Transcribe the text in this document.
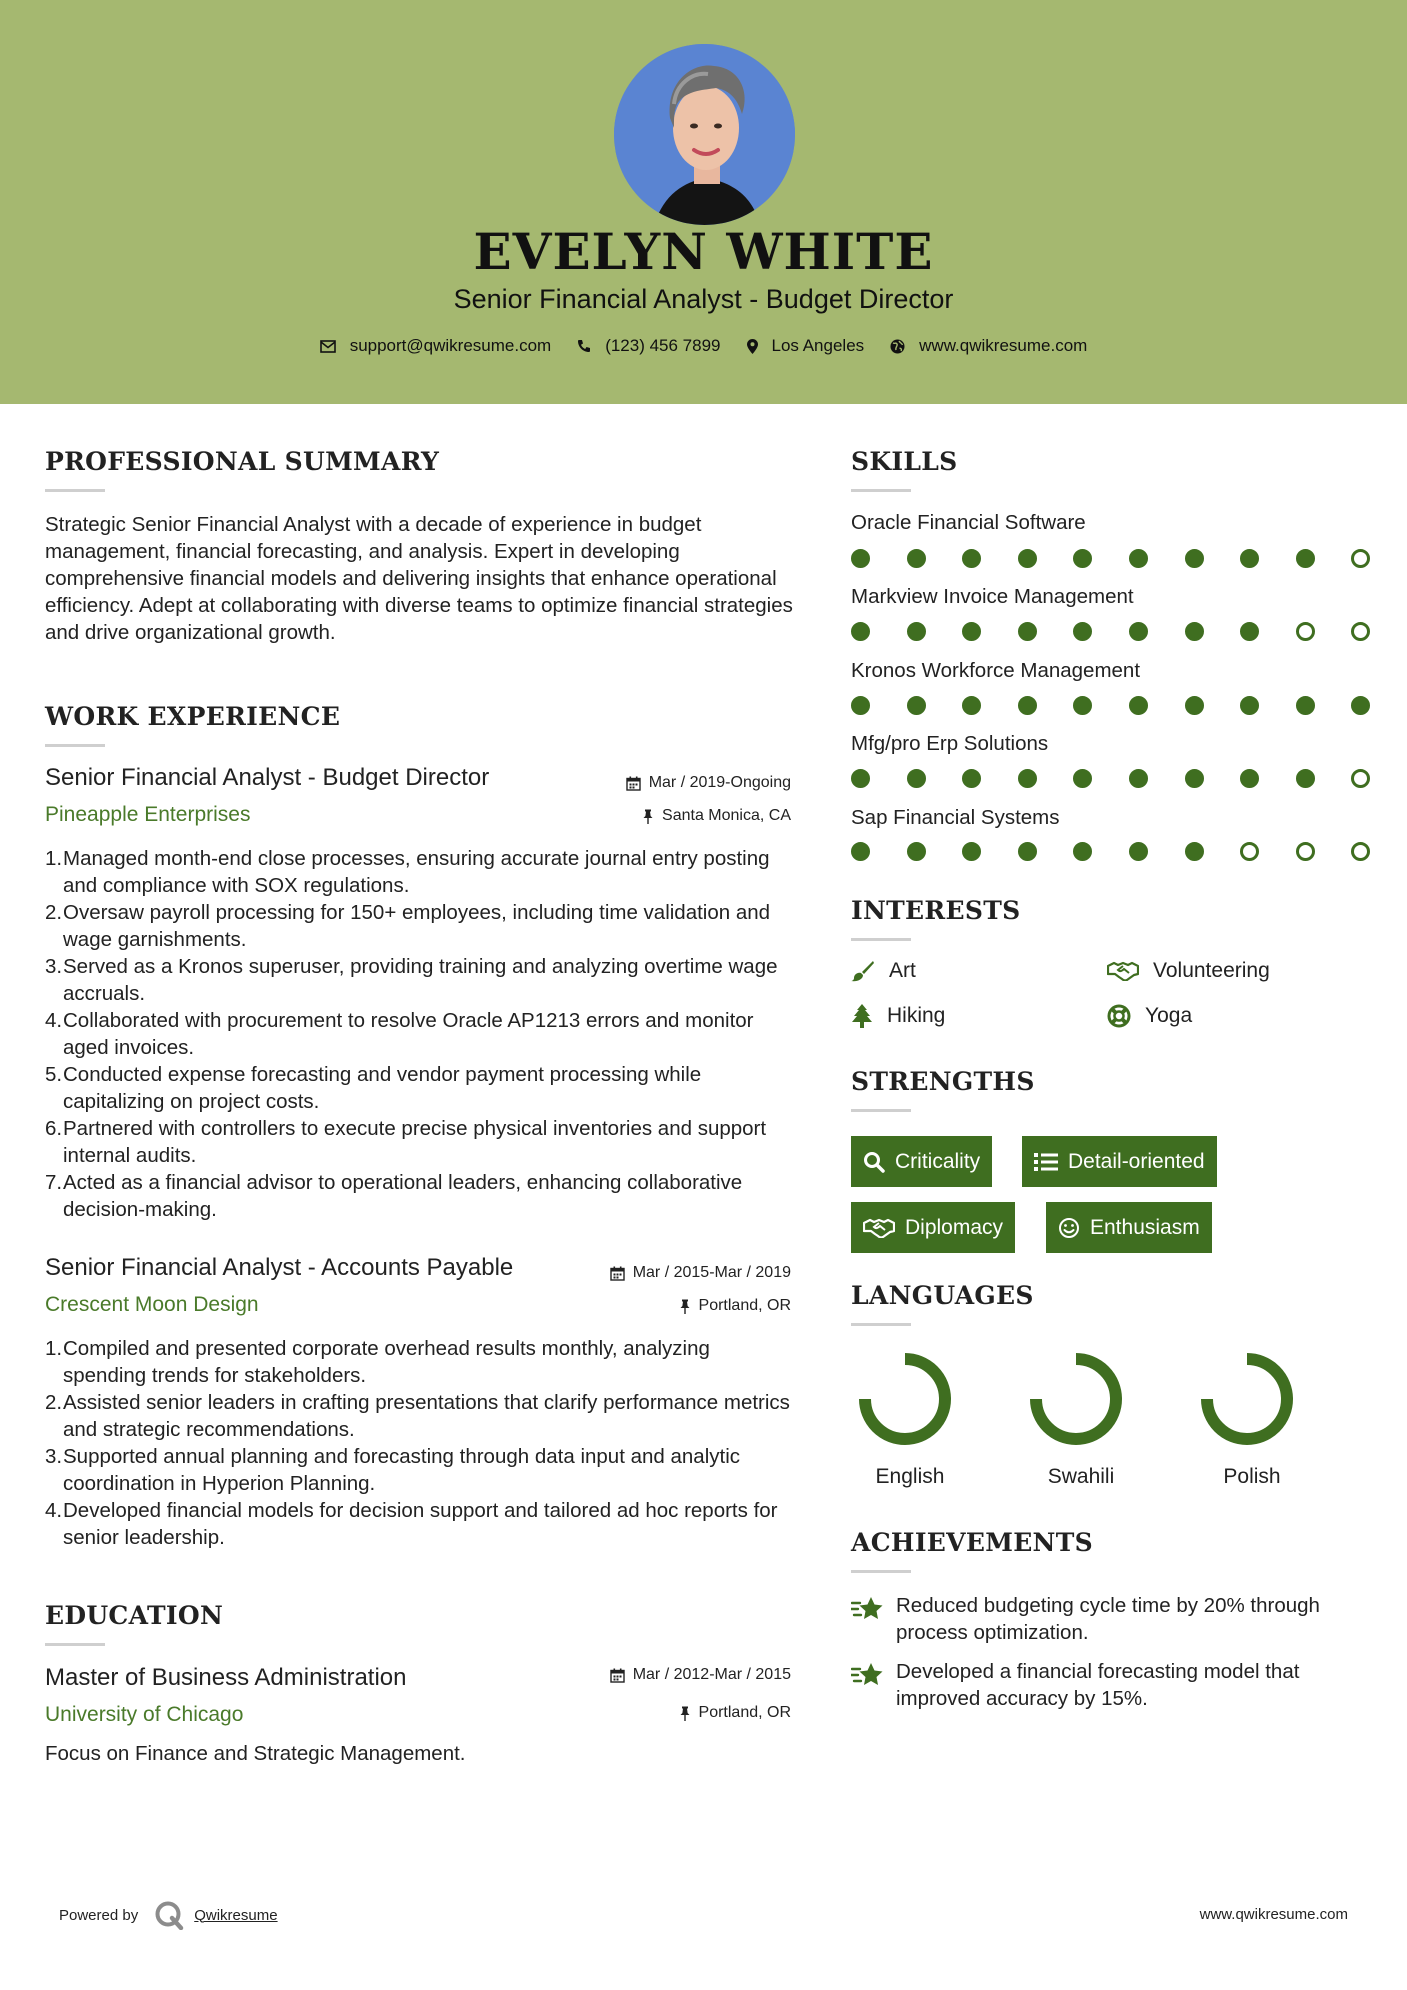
EVELYN WHITE
Senior Financial Analyst - Budget Director
support@qwikresume.com	(123) 456 7899	Los Angeles	www.qwikresume.com
PROFESSIONAL SUMMARY
Strategic Senior Financial Analyst with a decade of experience in budget management, financial forecasting, and analysis. Expert in developing comprehensive financial models and delivering insights that enhance operational efficiency. Adept at collaborating with diverse teams to optimize financial strategies and drive organizational growth.
WORK EXPERIENCE
Senior Financial Analyst - Budget Director
Pineapple Enterprises
Mar / 2019-Ongoing
Santa Monica, CA
1. Managed month-end close processes, ensuring accurate journal entry posting and compliance with SOX regulations.
2. Oversaw payroll processing for 150+ employees, including time validation and wage garnishments.
3. Served as a Kronos superuser, providing training and analyzing overtime wage accruals.
4. Collaborated with procurement to resolve Oracle AP1213 errors and monitor aged invoices.
5. Conducted expense forecasting and vendor payment processing while capitalizing on project costs.
6. Partnered with controllers to execute precise physical inventories and support internal audits.
7. Acted as a financial advisor to operational leaders, enhancing collaborative decision-making.
Senior Financial Analyst - Accounts Payable
Crescent Moon Design
Mar / 2015-Mar / 2019
Portland, OR
1. Compiled and presented corporate overhead results monthly, analyzing spending trends for stakeholders.
2. Assisted senior leaders in crafting presentations that clarify performance metrics and strategic recommendations.
3. Supported annual planning and forecasting through data input and analytic coordination in Hyperion Planning.
4. Developed financial models for decision support and tailored ad hoc reports for senior leadership.
EDUCATION
Master of Business Administration
University of Chicago
Mar / 2012-Mar / 2015
Portland, OR
Focus on Finance and Strategic Management.
SKILLS
Oracle Financial Software
Markview Invoice Management
Kronos Workforce Management
Mfg/pro Erp Solutions
Sap Financial Systems
INTERESTS
Art	Volunteering
Hiking	Yoga
STRENGTHS
Criticality	Detail-oriented
Diplomacy	Enthusiasm
LANGUAGES
English	Swahili	Polish
ACHIEVEMENTS
Reduced budgeting cycle time by 20% through process optimization.
Developed a financial forecasting model that improved accuracy by 15%.
Powered by	Qwikresume	www.qwikresume.com
